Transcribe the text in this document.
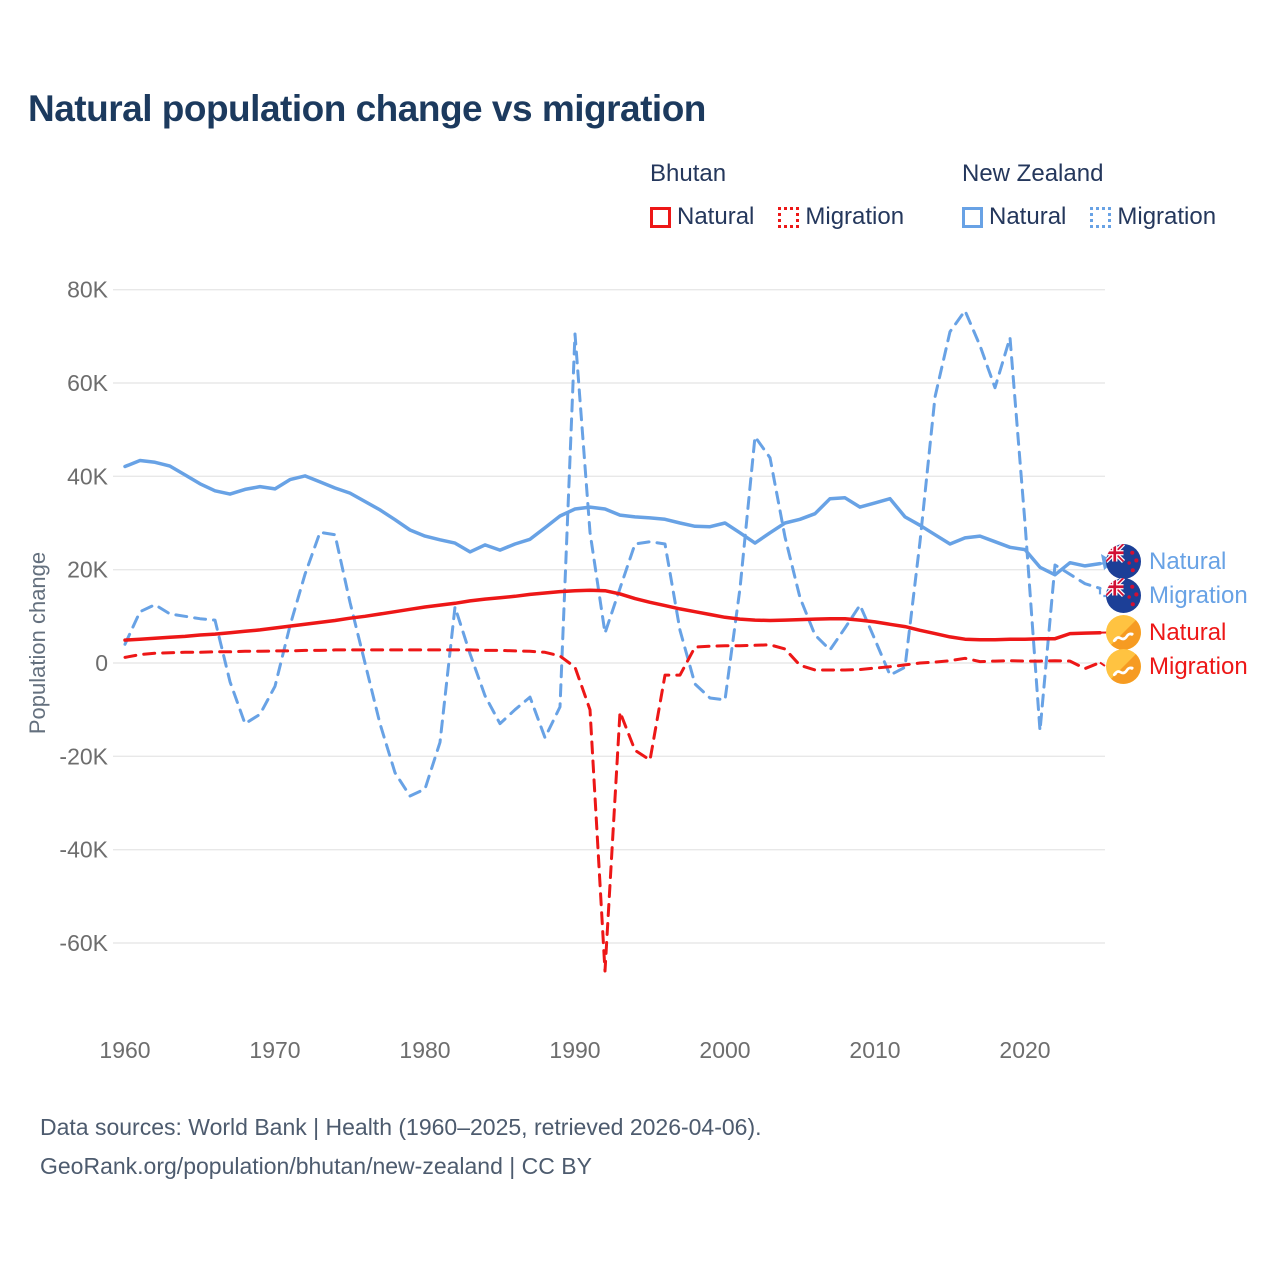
Natural population change vs migration

Bhutan

Natural Migration

New Zealand

Natural Migration
80K
60K
40K
20K
0
-20K
-40K
-60K
1960	1970	1980	1990	2000	2010	2020
Population change	Natural
Migration
Natural
Migration
Data sources: World Bank | Health (1960–2025, retrieved 2026-04-06).
GeoRank.org/population/bhutan/new-zealand | CC BY
